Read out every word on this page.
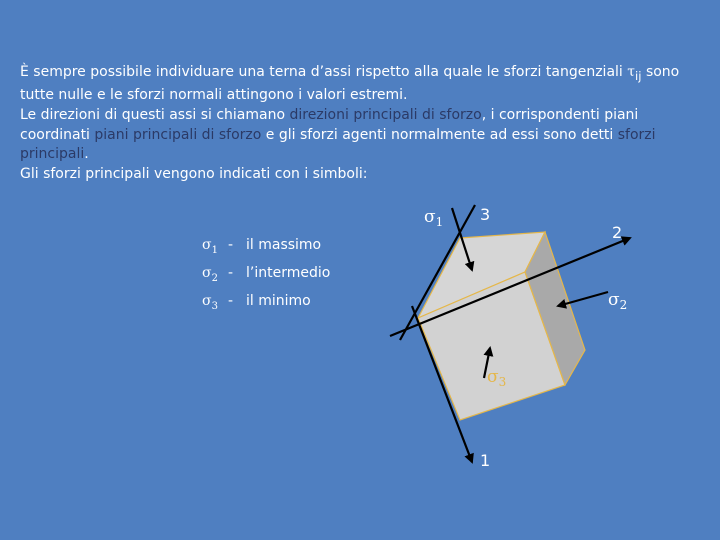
È sempre possibile individuare una terna d’assi rispetto alla quale le sforzi tangenziali $\tau_{ij}$ sono tutte nulle e le sforzi normali attingono i valori estremi.
Le direzioni di questi assi si chiamano direzioni principali di sforzo, i corrispondenti piani coordinati piani principali di sforzo e gli sforzi agenti normalmente ad essi sono detti sforzi principali.
Gli sforzi principali vengono indicati con i simboli:

$\sigma_1$ - il massimo
$\sigma_2$ - l’intermedio
$\sigma_3$ - il minimo
3
2
1
$\sigma_1$
$\sigma_2$
$\sigma_3$
